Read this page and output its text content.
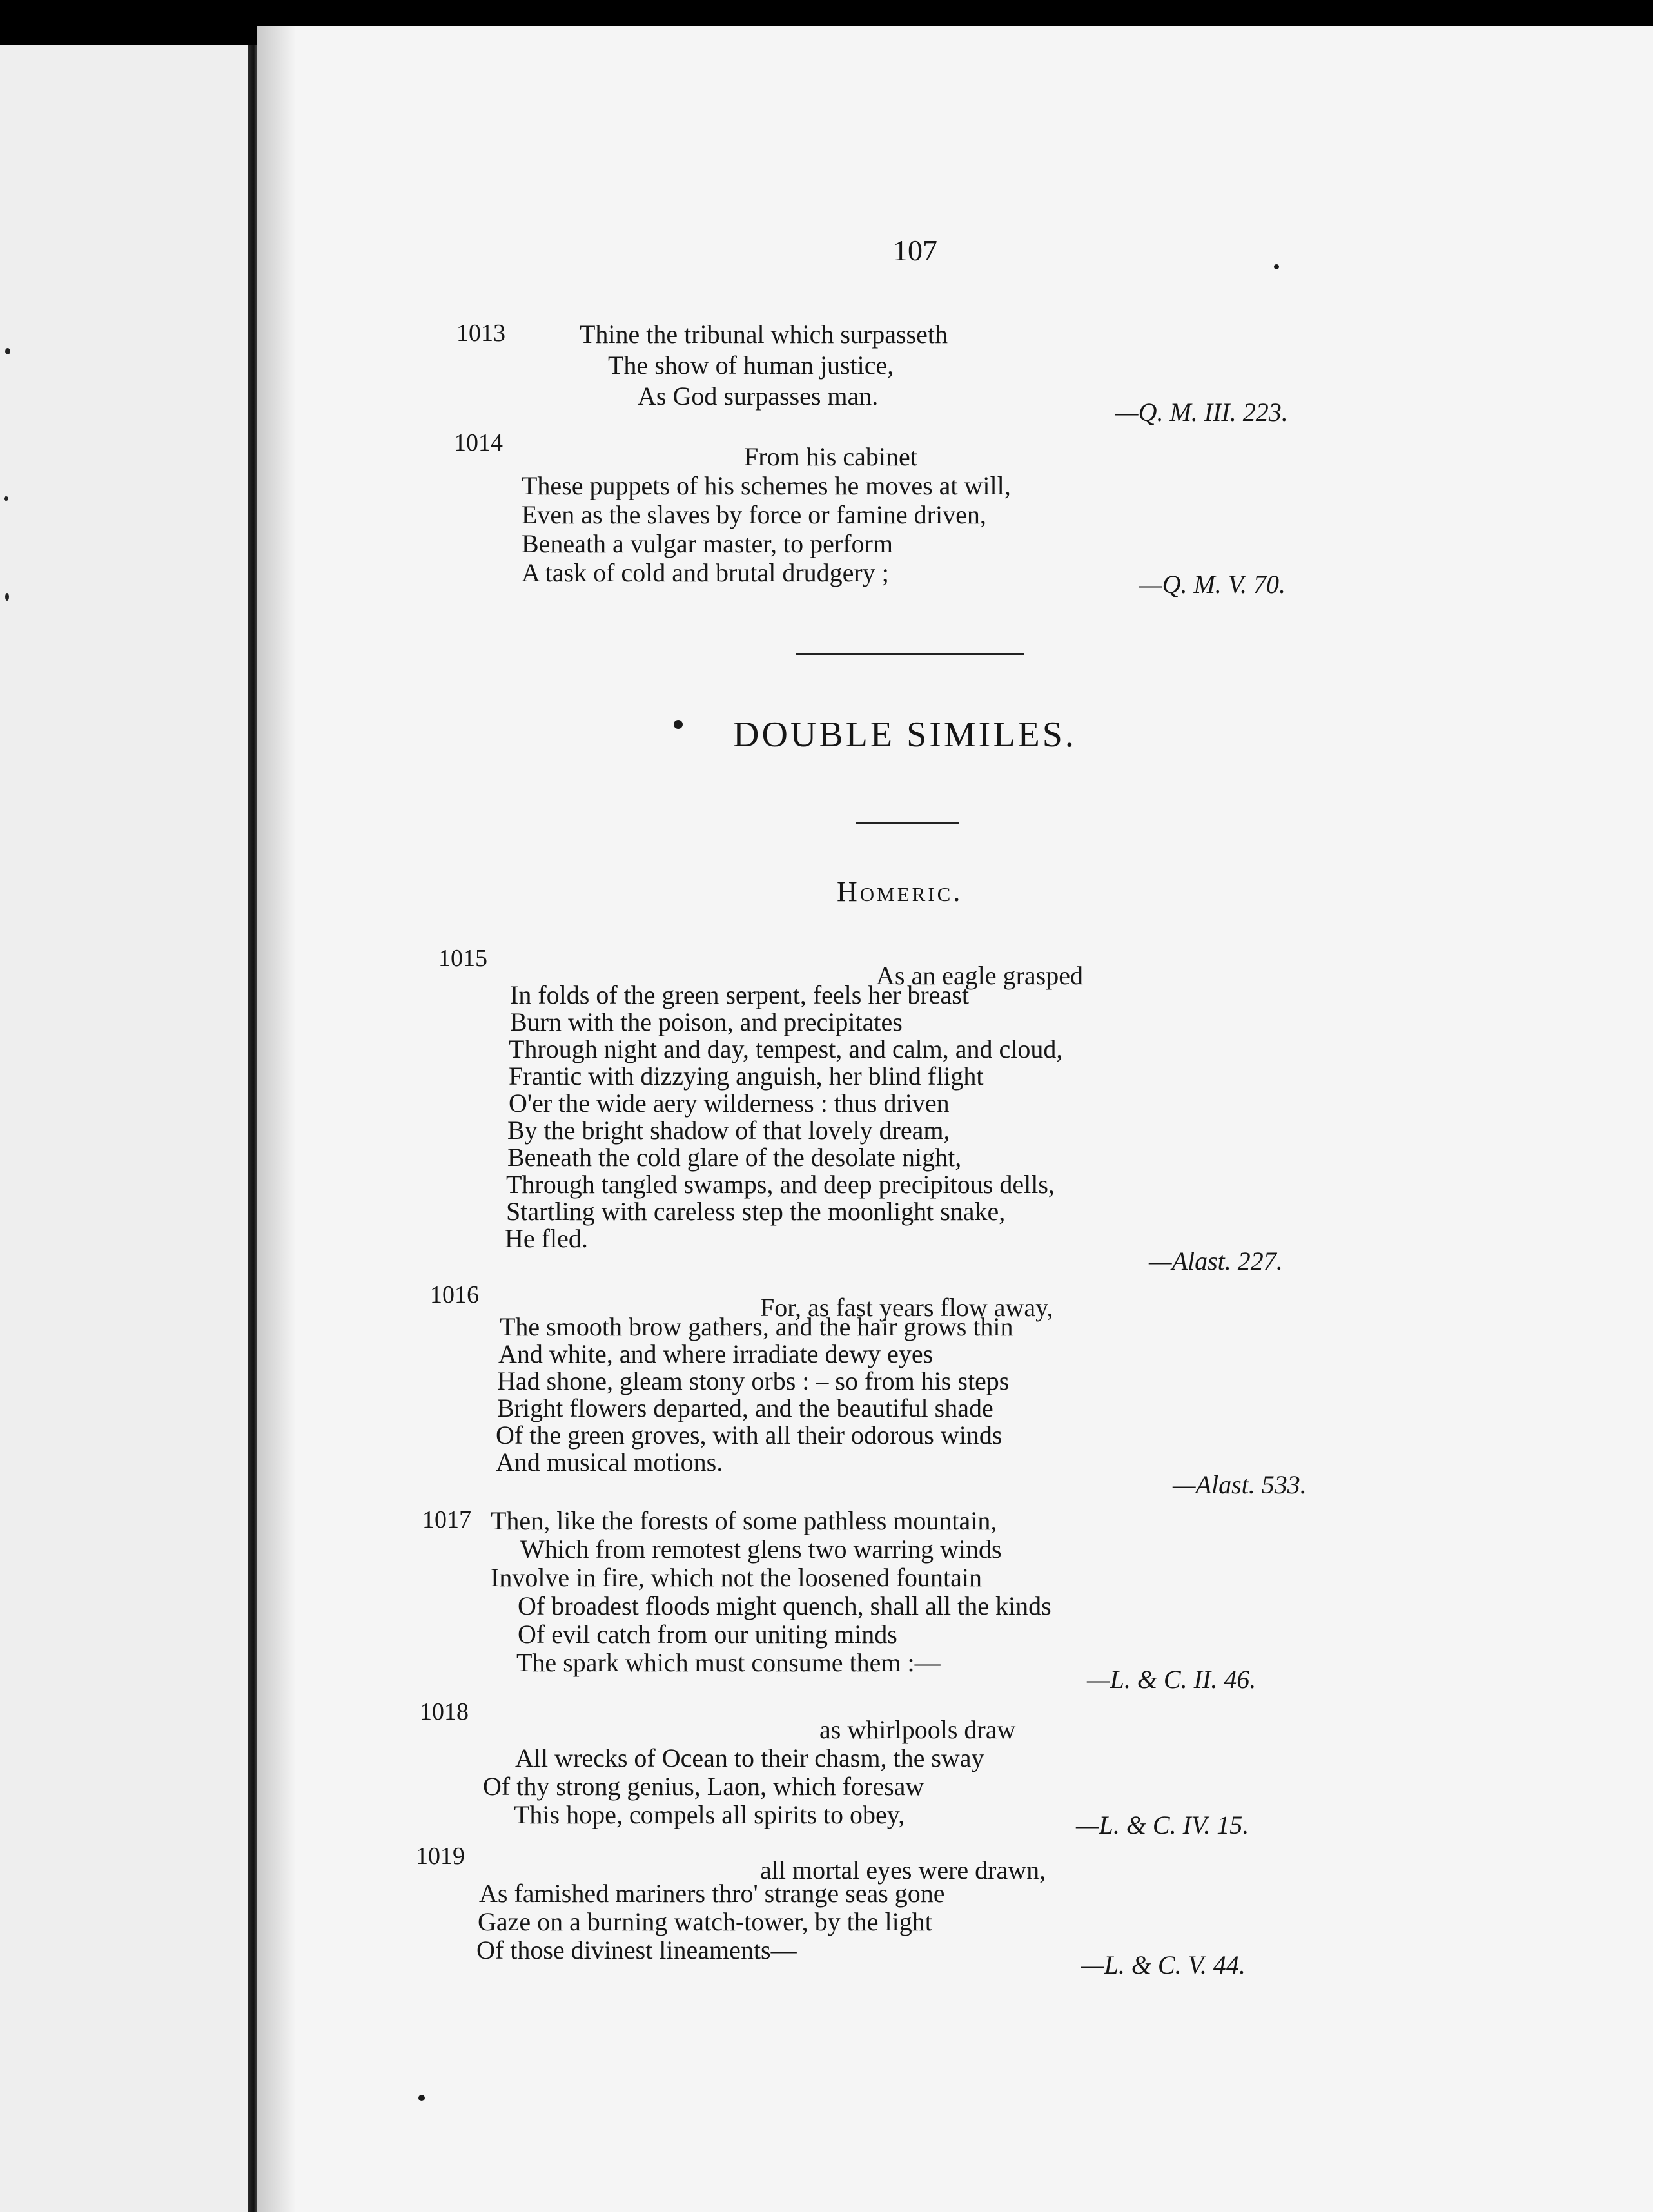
107
1013	Thine the tribunal which surpasseth
The show of human justice,
As God surpasses man.
—Q. M. III. 223.
1014	From his cabinet
These puppets of his schemes he moves at will,
Even as the slaves by force or famine driven,
Beneath a vulgar master, to perform
A task of cold and brutal drudgery ;	—Q. M. V. 70.
DOUBLE SIMILES.
Homeric.
1015
As an eagle grasped
In folds of the green serpent, feels her breast
Burn with the poison, and precipitates
Through night and day, tempest, and calm, and cloud,
Frantic with dizzying anguish, her blind flight
O'er the wide aery wilderness : thus driven
By the bright shadow of that lovely dream,
Beneath the cold glare of the desolate night,
Through tangled swamps, and deep precipitous dells,
Startling with careless step the moonlight snake,
He fled.
—Alast. 227.
1016	For, as fast years flow away,
The smooth brow gathers, and the hair grows thin
And white, and where irradiate dewy eyes
Had shone, gleam stony orbs : – so from his steps
Bright flowers departed, and the beautiful shade
Of the green groves, with all their odorous winds
And musical motions.
—Alast. 533.
1017 Then, like the forests of some pathless mountain,
Which from remotest glens two warring winds
Involve in fire, which not the loosened fountain
Of broadest floods might quench, shall all the kinds
Of evil catch from our uniting minds
The spark which must consume them :—
—L. & C. II. 46.
1018
as whirlpools draw
All wrecks of Ocean to their chasm, the sway
Of thy strong genius, Laon, which foresaw
This hope, compels all spirits to obey,	—L. & C. IV. 15.
1019	all mortal eyes were drawn,
As famished mariners thro' strange seas gone
Gaze on a burning watch-tower, by the light
Of those divinest lineaments—
—L. & C. V. 44.
